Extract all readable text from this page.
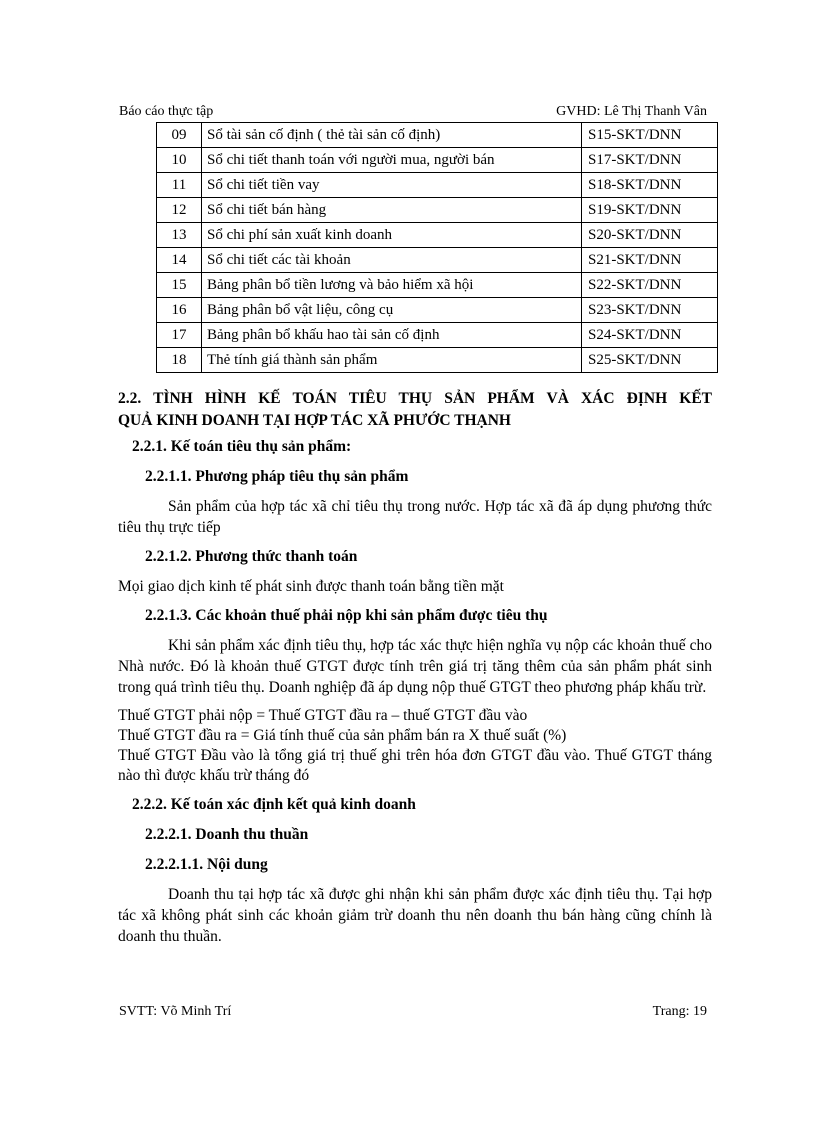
Báo cáo thực tập	GVHD: Lê Thị Thanh Vân
09	Sổ tài sản cố định ( thẻ tài sản cố định)	S15-SKT/DNN
10	Sổ chi tiết thanh toán với người mua, người bán	S17-SKT/DNN
11	Sổ chi tiết tiền vay	S18-SKT/DNN
12	Sổ chi tiết bán hàng	S19-SKT/DNN
13	Sổ chi phí sản xuất kinh doanh	S20-SKT/DNN
14	Sổ chi tiết các tài khoản	S21-SKT/DNN
15	Bảng phân bổ tiền lương và bảo hiểm xã hội	S22-SKT/DNN
16	Bảng phân bổ vật liệu, công cụ	S23-SKT/DNN
17	Bảng phân bổ khấu hao tài sản cố định	S24-SKT/DNN
18	Thẻ tính giá thành sản phẩm	S25-SKT/DNN
2.2. TÌNH HÌNH KẾ TOÁN TIÊU THỤ SẢN PHẨM VÀ XÁC ĐỊNH KẾT
QUẢ KINH DOANH TẠI HỢP TÁC XÃ PHƯỚC THẠNH
2.2.1. Kế toán tiêu thụ sản phẩm:
2.2.1.1. Phương pháp tiêu thụ sản phẩm

Sản phẩm của hợp tác xã chỉ tiêu thụ trong nước. Hợp tác xã đã áp dụng phương thức tiêu thụ trực tiếp

2.2.1.2. Phương thức thanh toán

Mọi giao dịch kinh tế phát sinh được thanh toán bằng tiền mặt

2.2.1.3. Các khoản thuế phải nộp khi sản phẩm được tiêu thụ

Khi sản phẩm xác định tiêu thụ, hợp tác xác thực hiện nghĩa vụ nộp các khoản thuế cho Nhà nước. Đó là khoản thuế GTGT được tính trên giá trị tăng thêm của sản phẩm phát sinh trong quá trình tiêu thụ. Doanh nghiệp đã áp dụng nộp thuế GTGT theo phương pháp khấu trừ.

Thuế GTGT phải nộp = Thuế GTGT đầu ra – thuế GTGT đầu vào
Thuế GTGT đầu ra = Giá tính thuế của sản phẩm bán ra X thuế suất (%)
Thuế GTGT Đầu vào là tổng giá trị thuế ghi trên hóa đơn GTGT đầu vào. Thuế GTGT tháng nào thì được khấu trừ tháng đó
2.2.2. Kế toán xác định kết quả kinh doanh
2.2.2.1. Doanh thu thuần
2.2.2.1.1. Nội dung

Doanh thu tại hợp tác xã được ghi nhận khi sản phẩm được xác định tiêu thụ. Tại hợp tác xã không phát sinh các khoản giảm trừ doanh thu nên doanh thu bán hàng cũng chính là doanh thu thuần.

SVTT: Võ Minh Trí	Trang: 19
